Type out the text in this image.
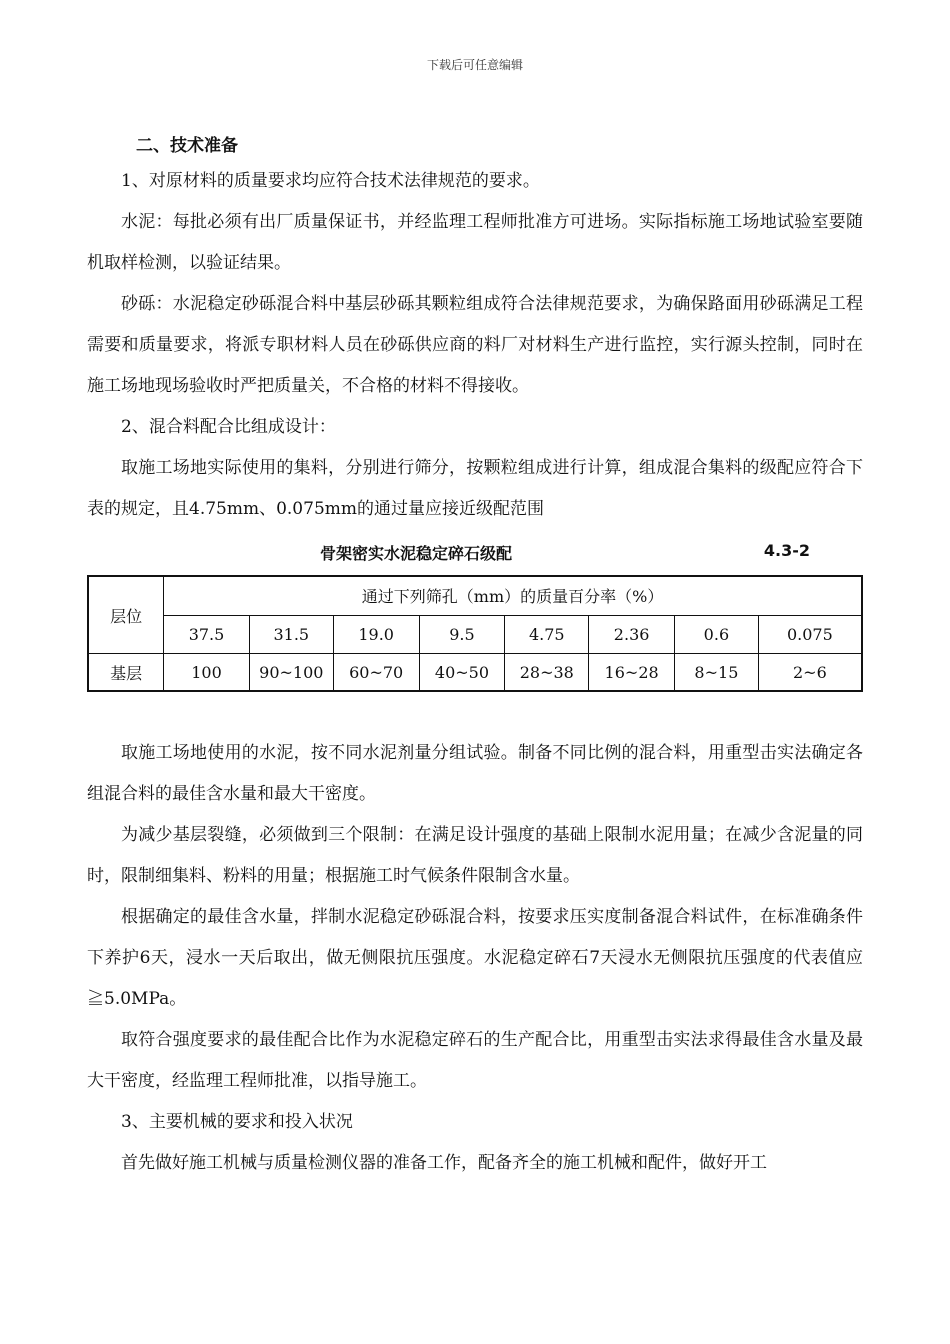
下载后可任意编辑
二、技术准备
1、对原材料的质量要求均应符合技术法律规范的要求。
水泥：每批必须有出厂质量保证书，并经监理工程师批准方可进场。实际指标施工场地试验室要随机取样检测，以验证结果。
砂砾：水泥稳定砂砾混合料中基层砂砾其颗粒组成符合法律规范要求，为确保路面用砂砾满足工程需要和质量要求，将派专职材料人员在砂砾供应商的料厂对材料生产进行监控，实行源头控制，同时在施工场地现场验收时严把质量关，不合格的材料不得接收。
2、混合料配合比组成设计：
取施工场地实际使用的集料，分别进行筛分，按颗粒组成进行计算，组成混合集料的级配应符合下表的规定，且4.75mm、0.075mm的通过量应接近级配范围
骨架密实水泥稳定碎石级配	4.3-2
层位	通过下列筛孔（mm）的质量百分率（%）							
	37.5	31.5	19.0	9.5	4.75	2.36	0.6	0.075
基层	100	90~100	60~70	40~50	28~38	16~28	8~15	2~6
取施工场地使用的水泥，按不同水泥剂量分组试验。制备不同比例的混合料，用重型击实法确定各组混合料的最佳含水量和最大干密度。
为减少基层裂缝，必须做到三个限制：在满足设计强度的基础上限制水泥用量；在减少含泥量的同时，限制细集料、粉料的用量；根据施工时气候条件限制含水量。
根据确定的最佳含水量，拌制水泥稳定砂砾混合料，按要求压实度制备混合料试件，在标准确条件下养护6天，浸水一天后取出，做无侧限抗压强度。水泥稳定碎石7天浸水无侧限抗压强度的代表值应≧5.0MPa。
取符合强度要求的最佳配合比作为水泥稳定碎石的生产配合比，用重型击实法求得最佳含水量及最大干密度，经监理工程师批准，以指导施工。
3、主要机械的要求和投入状况
首先做好施工机械与质量检测仪器的准备工作，配备齐全的施工机械和配件，做好开工
